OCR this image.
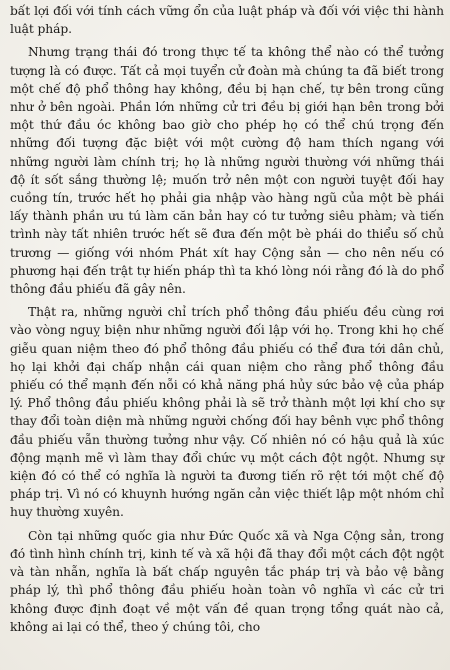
bất lợi đối với tính cách vững ổn của luật pháp và đối với việc thi hành luật pháp.

Nhưng trạng thái đó trong thực tế ta không thể nào có thể tưởng tượng là có được. Tất cả mọi tuyển cử đoàn mà chúng ta đã biết trong một chế độ phổ thông hay không, đều bị hạn chế, tự bên trong cũng như ở bên ngoài. Phần lớn những cử tri đều bị giới hạn bên trong bởi một thứ đầu óc không bao giờ cho phép họ có thể chú trọng đến những đối tượng đặc biệt với một cường độ ham thích ngang với những người làm chính trị; họ là những người thường với những thái độ ít sốt sắng thường lệ; muốn trở nên một con người tuyệt đối hay cuồng tín, trước hết họ phải gia nhập vào hàng ngũ của một bè phái lấy thành phần ưu tú làm căn bản hay có tư tưởng siêu phàm; và tiến trình này tất nhiên trước hết sẽ đưa đến một bè phái do thiểu số chủ trương — giống với nhóm Phát xít hay Cộng sản — cho nên nếu có phương hại đến trật tự hiến pháp thì ta khó lòng nói rằng đó là do phổ thông đầu phiếu đã gây nên.

Thật ra, những người chỉ trích phổ thông đầu phiếu đều cùng rơi vào vòng nguỵ biện như những người đối lập với họ. Trong khi họ chế giễu quan niệm theo đó phổ thông đầu phiếu có thể đưa tới dân chủ, họ lại khởi đại chấp nhận cái quan niệm cho rằng phổ thông đầu phiếu có thể mạnh đến nỗi có khả năng phá hủy sức bảo vệ của pháp lý. Phổ thông đầu phiếu không phải là sẽ trở thành một lợi khí cho sự thay đổi toàn diện mà những người chống đối hay bênh vực phổ thông đầu phiếu vẫn thường tưởng như vậy. Cố nhiên nó có hậu quả là xúc động mạnh mẽ vì làm thay đổi chức vụ một cách đột ngột. Nhưng sự kiện đó có thể có nghĩa là người ta đương tiến rõ rệt tới một chế độ pháp trị. Vì nó có khuynh hướng ngăn cản việc thiết lập một nhóm chỉ huy thường xuyên.

Còn tại những quốc gia như Đức Quốc xã và Nga Cộng sản, trong đó tình hình chính trị, kinh tế và xã hội đã thay đổi một cách đột ngột và tàn nhẫn, nghĩa là bất chấp nguyên tắc pháp trị và bảo vệ bằng pháp lý, thì phổ thông đầu phiếu hoàn toàn vô nghĩa vì các cử tri không được định đoạt về một vấn đề quan trọng tổng quát nào cả, không ai lại có thể, theo ý chúng tôi, cho
